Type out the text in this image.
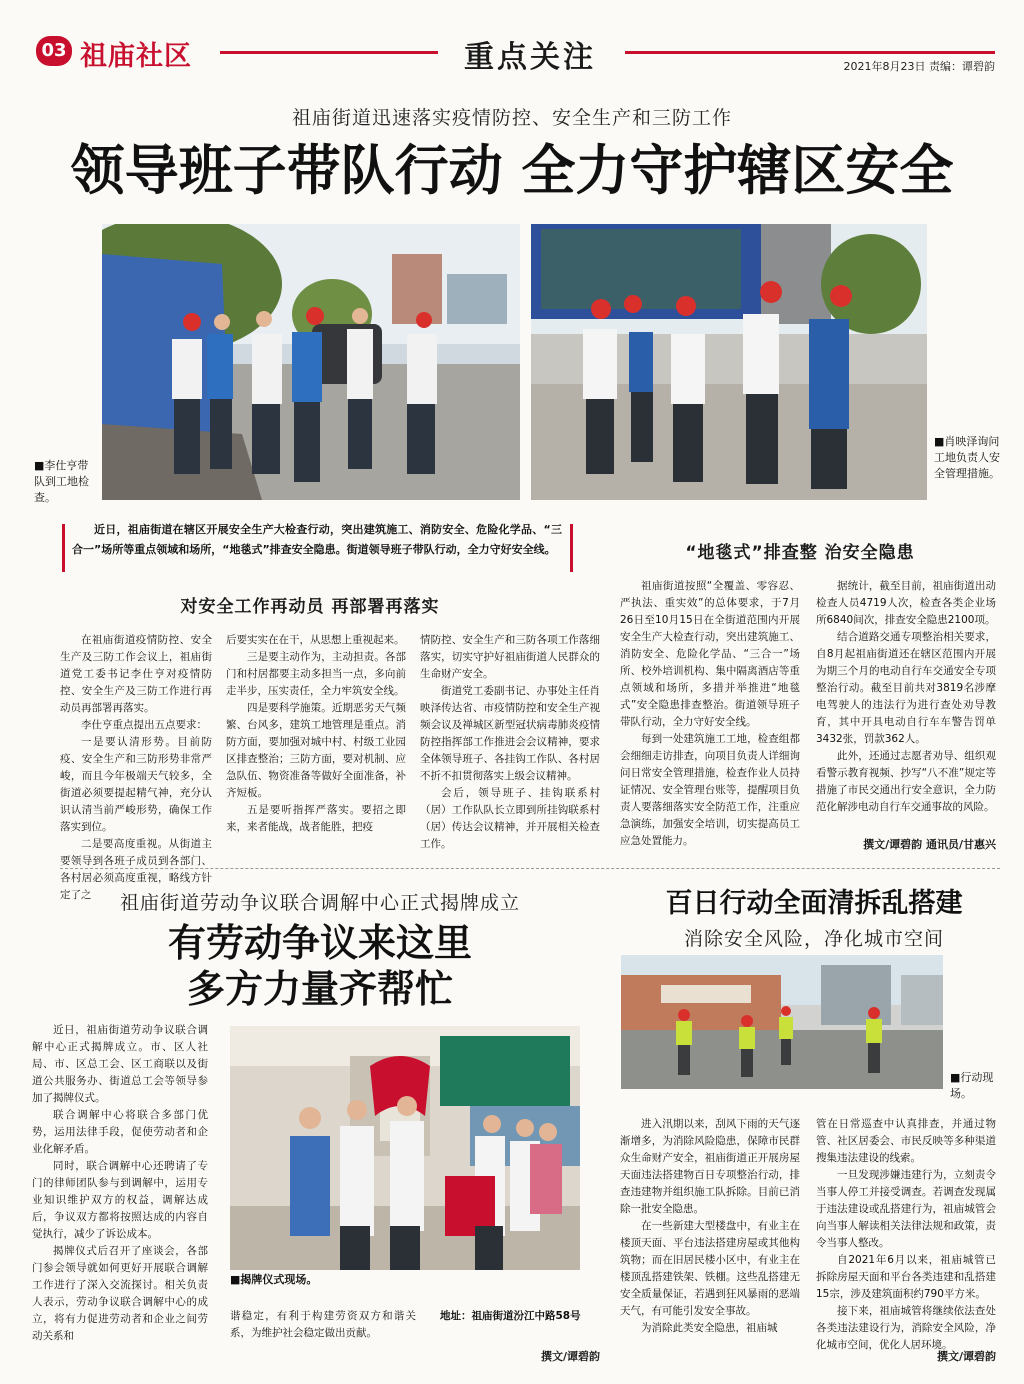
03 祖庙社区	重点关注	2021年8月23日 责编：谭碧韵
祖庙街道迅速落实疫情防控、安全生产和三防工作
领导班子带队行动 全力守护辖区安全
■李仕亨带队到工地检查。
■肖映泽询问工地负责人安全管理措施。
近日，祖庙街道在辖区开展安全生产大检查行动，突出建筑施工、消防安全、危险化学品、“三合一”场所等重点领域和场所，“地毯式”排查安全隐患。街道领导班子带队行动，全力守好安全线。
对安全工作再动员 再部署再落实
“地毯式”排查整 治安全隐患

在祖庙街道疫情防控、安全生产及三防工作会议上，祖庙街道党工委书记李仕亨对疫情防控、安全生产及三防工作进行再动员再部署再落实。

李仕亨重点提出五点要求：

一是要认清形势。目前防疫、安全生产和三防形势非常严峻，而且今年极端天气较多，全街道必须要提起精气神，充分认识认清当前严峻形势，确保工作落实到位。

二是要高度重视。从街道主要领导到各班子成员到各部门、各村居必须高度重视，略线方针定了之

后要实实在在干，从思想上重视起来。

三是要主动作为，主动担责。各部门和村居都要主动多担当一点，多向前走半步，压实责任，全力牢筑安全线。

四是要科学施策。近期恶劣天气频繁、台风多，建筑工地管理是重点。消防方面，要加强对城中村、村级工业园区排查整治；三防方面，要对机制、应急队伍、物资准备等做好全面准备，补齐短板。

五是要听指挥严落实。要招之即来，来者能战，战者能胜，把疫

情防控、安全生产和三防各项工作落细落实，切实守护好祖庙街道人民群众的生命财产安全。

街道党工委副书记、办事处主任肖映泽传达省、市疫情防控和安全生产视频会议及禅城区新型冠状病毒肺炎疫情防控指挥部工作推进会会议精神，要求全体领导班子、各挂钩工作队、各村居不折不扣贯彻落实上级会议精神。

会后，领导班子、挂钩联系村（居）工作队队长立即到所挂钩联系村（居）传达会议精神，并开展相关检查工作。

祖庙街道按照“全覆盖、零容忍、严执法、重实效”的总体要求，于7月26日至10月15日在全街道范围内开展安全生产大检查行动，突出建筑施工、消防安全、危险化学品、“三合一”场所、校外培训机构、集中隔离酒店等重点领域和场所，多措并举推进“地毯式”安全隐患排查整治。街道领导班子带队行动，全力守好安全线。

每到一处建筑施工工地，检查组都会细细走访排查，向项目负责人详细询问日常安全管理措施，检查作业人员持证情况、安全管理台账等，提醒项目负责人要落细落实安全防范工作，注重应急演练，加强安全培训，切实提高员工应急处置能力。

据统计，截至目前，祖庙街道出动检查人员4719人次，检查各类企业场所6840间次，排查安全隐患2100项。

结合道路交通专项整治相关要求，自8月起祖庙街道还在辖区范围内开展为期三个月的电动自行车交通安全专项整治行动。截至目前共对3819名涉摩电驾驶人的违法行为进行查处劝导教育，其中开具电动自行车车警告罚单3432张，罚款362人。

此外，还通过志愿者劝导、组织观看警示教育视频、抄写“八不准”规定等措施了市民交通出行安全意识，全力防范化解涉电动自行车交通事故的风险。

撰文/谭碧韵 通讯员/甘惠兴
祖庙街道劳动争议联合调解中心正式揭牌成立
有劳动争议来这里
多方力量齐帮忙

近日，祖庙街道劳动争议联合调解中心正式揭牌成立。市、区人社局、市、区总工会、区工商联以及街道公共服务办、街道总工会等领导参加了揭牌仪式。

联合调解中心将联合多部门优势，运用法律手段，促使劳动者和企业化解矛盾。

同时，联合调解中心还聘请了专门的律师团队参与到调解中，运用专业知识维护双方的权益，调解达成后，争议双方都将按照达成的内容自觉执行，减少了诉讼成本。

揭牌仪式后召开了座谈会，各部门参会领导就如何更好开展联合调解工作进行了深入交流探讨。相关负责人表示，劳动争议联合调解中心的成立，将有力促进劳动者和企业之间劳动关系和

■揭牌仪式现场。

谐稳定，有利于构建劳资双方和谐关系，为维护社会稳定做出贡献。

地址：祖庙街道汾江中路58号
撰文/谭碧韵
百日行动全面清拆乱搭建
消除安全风险，净化城市空间
■行动现场。

进入汛期以来，刮风下雨的天气逐渐增多，为消除风险隐患，保障市民群众生命财产安全，祖庙街道正开展房屋天面违法搭建物百日专项整治行动，排查违建物并组织施工队拆除。目前已消除一批安全隐患。

在一些新建大型楼盘中，有业主在楼顶天面、平台违法搭建房屋或其他构筑物；而在旧居民楼小区中，有业主在楼顶乱搭建铁架、铁棚。这些乱搭建无安全质量保证，若遇到狂风暴雨的恶端天气，有可能引发安全事故。

为消除此类安全隐患，祖庙城

管在日常巡查中认真排查，并通过物管、社区居委会、市民反映等多种渠道搜集违法建设的线索。

一旦发现涉嫌违建行为，立刻责令当事人停工并接受调查。若调查发现属于违法建设或乱搭建行为，祖庙城管会向当事人解读相关法律法规和政策，责令当事人整改。

自2021年6月以来，祖庙城管已拆除房屋天面和平台各类违建和乱搭建15宗，涉及建筑面积约790平方米。

接下来，祖庙城管将继续依法查处各类违法建设行为，消除安全风险，净化城市空间，优化人居环境。

撰文/谭碧韵
